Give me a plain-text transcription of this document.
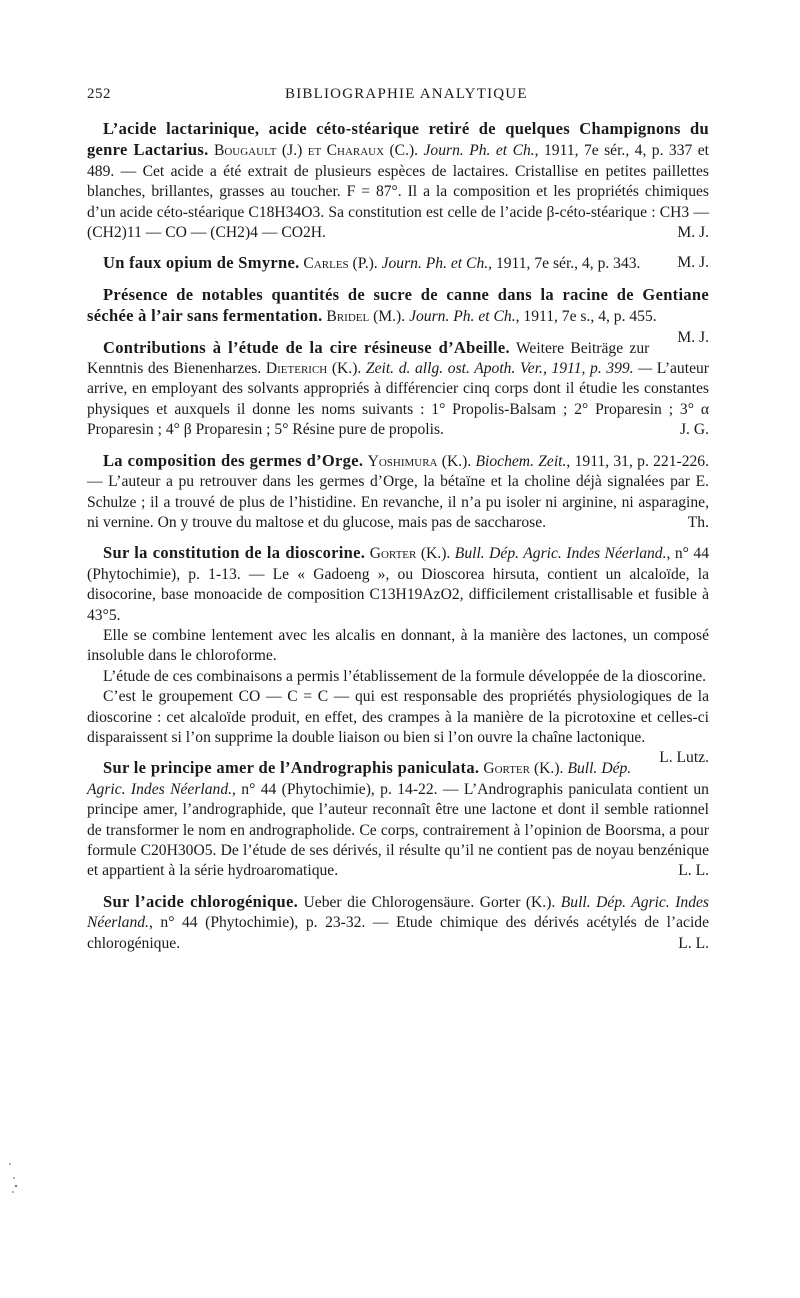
252	BIBLIOGRAPHIE ANALYTIQUE
L’acide lactarinique, acide céto-stéarique retiré de quelques Champignons du genre Lactarius. Bougault (J.) et Charaux (C.). Journ. Ph. et Ch., 1911, 7e sér., 4, p. 337 et 489. — Cet acide a été extrait de plusieurs espèces de lactaires. Cristallise en petites paillettes blanches, brillantes, grasses au toucher. F = 87°. Il a la composition et les propriétés chimiques d’un acide céto-stéarique C18H34O3. Sa constitution est celle de l’acide β-céto-stéarique : CH3 — (CH2)11 — CO — (CH2)4 — CO2H.	M. J.
Un faux opium de Smyrne. Carles (P.). Journ. Ph. et Ch., 1911, 7e sér., 4, p. 343.	M. J.
Présence de notables quantités de sucre de canne dans la racine de Gentiane séchée à l’air sans fermentation. Bridel (M.). Journ. Ph. et Ch., 1911, 7e s., 4, p. 455.
M. J.
Contributions à l’étude de la cire résineuse d’Abeille. Weitere Beiträge zur Kenntnis des Bienenharzes. Dieterich (K.). Zeit. d. allg. ost. Apoth. Ver., 1911, p. 399. — L’auteur arrive, en employant des solvants appropriés à différencier cinq corps dont il étudie les constantes physiques et auxquels il donne les noms suivants : 1° Propolis-Balsam ; 2° Proparesin ; 3° α Proparesin ; 4° β Proparesin ; 5° Résine pure de propolis.	J. G.
La composition des germes d’Orge. Yoshimura (K.). Biochem. Zeit., 1911, 31, p. 221-226. — L’auteur a pu retrouver dans les germes d’Orge, la bétaïne et la choline déjà signalées par E. Schulze ; il a trouvé de plus de l’histidine. En revanche, il n’a pu isoler ni arginine, ni asparagine, ni vernine. On y trouve du maltose et du glucose, mais pas de saccharose.	Th.
Sur la constitution de la dioscorine. Gorter (K.). Bull. Dép. Agric. Indes Néerland., n° 44 (Phytochimie), p. 1-13. — Le « Gadoeng », ou Dioscorea hirsuta, contient un alcaloïde, la disocorine, base monoacide de composition C13H19AzO2, difficilement cristallisable et fusible à 43°5.

Elle se combine lentement avec les alcalis en donnant, à la manière des lactones, un composé insoluble dans le chloroforme.

L’étude de ces combinaisons a permis l’établissement de la formule développée de la dioscorine.

C’est le groupement CO — C = C — qui est responsable des propriétés physiologiques de la dioscorine : cet alcaloïde produit, en effet, des crampes à la manière de la picrotoxine et celles-ci disparaissent si l’on supprime la double liaison ou bien si l’on ouvre la chaîne lactonique.
L. Lutz.

Sur le principe amer de l’Andrographis paniculata. Gorter (K.). Bull. Dép. Agric. Indes Néerland., n° 44 (Phytochimie), p. 14-22. — L’Andrographis paniculata contient un principe amer, l’andrographide, que l’auteur reconnaît être une lactone et dont il semble rationnel de transformer le nom en andrographolide. Ce corps, contrairement à l’opinion de Boorsma, a pour formule C20H30O5. De l’étude de ses dérivés, il résulte qu’il ne contient pas de noyau benzénique et appartient à la série hydroaromatique.	L. L.
Sur l’acide chlorogénique. Ueber die Chlorogensäure. Gorter (K.). Bull. Dép. Agric. Indes Néerland., n° 44 (Phytochimie), p. 23-32. — Etude chimique des dérivés acétylés de l’acide chlorogénique.	L. L.
